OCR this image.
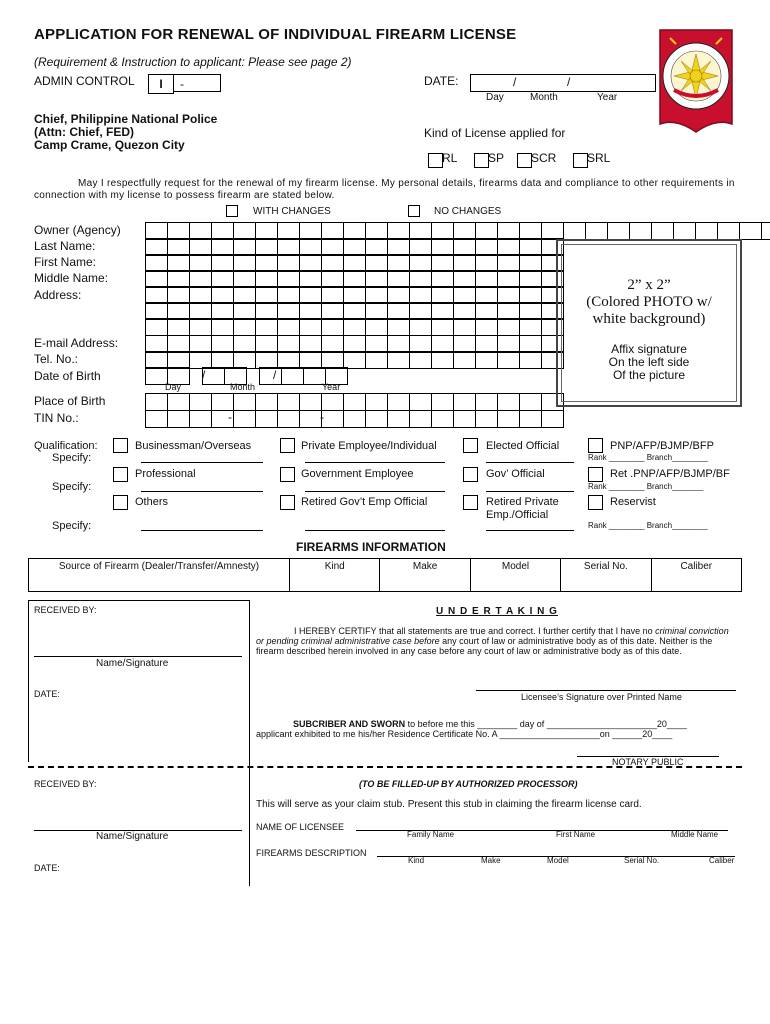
APPLICATION FOR RENEWAL OF INDIVIDUAL FIREARM LICENSE
(Requirement & Instruction to applicant: Please see page 2)
ADMIN CONTROL	I	-	DATE:	/	/
Day	Month	Year
Chief, Philippine National Police
(Attn: Chief, FED)
Camp Crame, Quezon City
Kind of License applied for
RL	SP SCR	SRL
May I respectfully request for the renewal of my firearm license. My personal details, firearms data and compliance to other requirements in connection with my license to possess firearm are stated below.
WITH CHANGES	NO CHANGES
Owner (Agency)
Last Name:
First Name:
Middle Name:
Address:
E-mail Address:
Tel. No.:
Date of Birth
Place of Birth
TIN No.:
/	/
Day	Month	Year
-	-
2” x 2”
(Colored PHOTO w/
white background)
Affix signature
On the left side
Of the picture
Qualification:
Specify:
Specify:
Specify:
Businessman/Overseas
Professional
Others
Private Employee/Individual
Government Employee
Retired Gov’t Emp Official
Elected Official
Gov’ Official
Retired Private
Emp./Official
PNP/AFP/BJMP/BFP
Ret .PNP/AFP/BJMP/BF
Reservist
Rank ________ Branch________
Rank ________ Branch_______
Rank ________ Branch________
FIREARMS INFORMATION
Source of Firearm (Dealer/Transfer/Amnesty)	Kind	Make	Model	Serial No.	Caliber
RECEIVED BY:
Name/Signature
DATE:
U N D E R T A K I N G
I HEREBY CERTIFY that all statements are true and correct. I further certify that I have no criminal conviction or pending criminal administrative case before any court of law or administrative body as of this date. Neither is the firearm described herein involved in any case before any court of law or administrative body as of this date.
Licensee’s Signature over Printed Name
SUBCRIBER AND SWORN to before me this ________ day of ______________________20____
applicant exhibited to me his/her Residence Certificate No. A ____________________on ______20____
NOTARY PUBLIC
RECEIVED BY:
Name/Signature
DATE:
(TO BE FILLED-UP BY AUTHORIZED PROCESSOR)
This will serve as your claim stub. Present this stub in claiming the firearm license card.
NAME OF LICENSEE
Family Name	First Name	Middle Name
FIREARMS DESCRIPTION
Kind	Make	Model	Serial No.	Caliber
